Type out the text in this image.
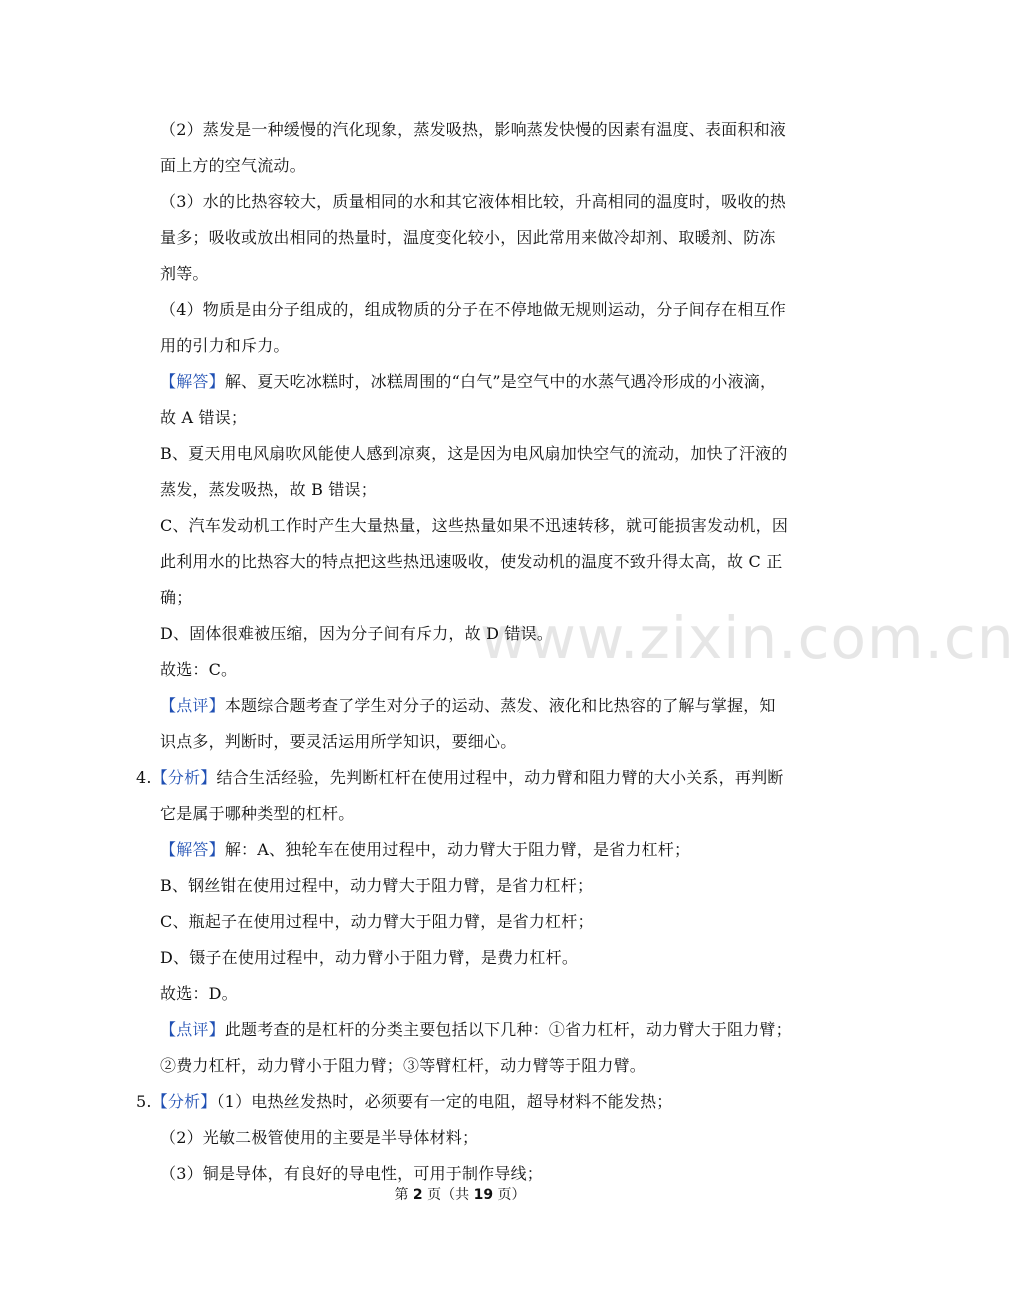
www.zixin.com.cn
（2）蒸发是一种缓慢的汽化现象，蒸发吸热，影响蒸发快慢的因素有温度、表面积和液
面上方的空气流动。
（3）水的比热容较大，质量相同的水和其它液体相比较，升高相同的温度时，吸收的热
量多；吸收或放出相同的热量时，温度变化较小，因此常用来做冷却剂、取暖剂、防冻
剂等。
（4）物质是由分子组成的，组成物质的分子在不停地做无规则运动，分子间存在相互作
用的引力和斥力。
【解答】解、夏天吃冰糕时，冰糕周围的“白气”是空气中的水蒸气遇冷形成的小液滴，
故 A 错误；
B、夏天用电风扇吹风能使人感到凉爽，这是因为电风扇加快空气的流动，加快了汗液的
蒸发，蒸发吸热，故 B 错误；
C、汽车发动机工作时产生大量热量，这些热量如果不迅速转移，就可能损害发动机，因
此利用水的比热容大的特点把这些热迅速吸收，使发动机的温度不致升得太高，故 C 正
确；
D、固体很难被压缩，因为分子间有斥力，故 D 错误。
故选：C。
【点评】本题综合题考查了学生对分子的运动、蒸发、液化和比热容的了解与掌握，知
识点多，判断时，要灵活运用所学知识，要细心。
4.【分析】结合生活经验，先判断杠杆在使用过程中，动力臂和阻力臂的大小关系，再判断
它是属于哪种类型的杠杆。
【解答】解：A、独轮车在使用过程中，动力臂大于阻力臂，是省力杠杆；
B、钢丝钳在使用过程中，动力臂大于阻力臂，是省力杠杆；
C、瓶起子在使用过程中，动力臂大于阻力臂，是省力杠杆；
D、镊子在使用过程中，动力臂小于阻力臂，是费力杠杆。
故选：D。
【点评】此题考查的是杠杆的分类主要包括以下几种：①省力杠杆，动力臂大于阻力臂；
②费力杠杆，动力臂小于阻力臂；③等臂杠杆，动力臂等于阻力臂。
5.【分析】（1）电热丝发热时，必须要有一定的电阻，超导材料不能发热；
（2）光敏二极管使用的主要是半导体材料；
（3）铜是导体，有良好的导电性，可用于制作导线；
第 2 页（共 19 页）
